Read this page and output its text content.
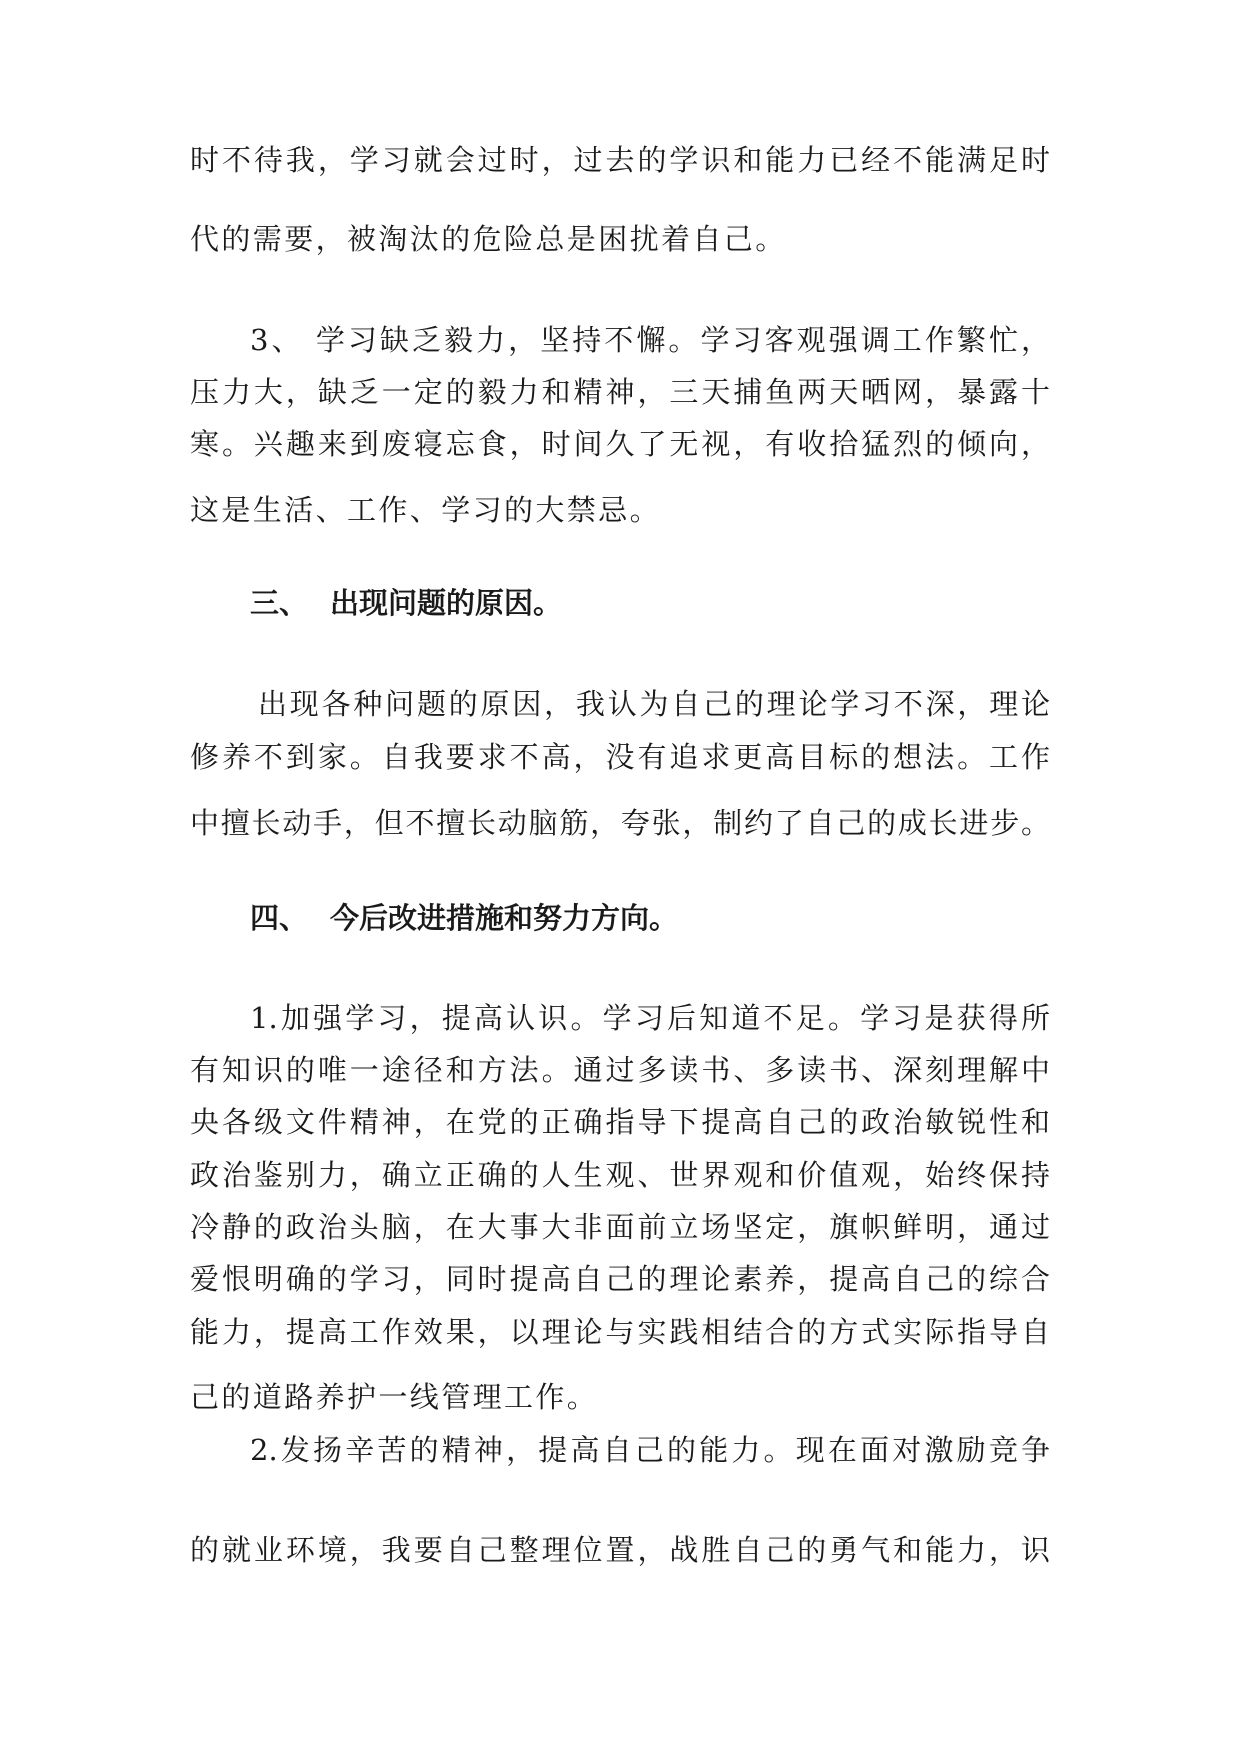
时不待我，学习就会过时，过去的学识和能力已经不能满足时
代的需要，被淘汰的危险总是困扰着自己。
3、 学习缺乏毅力，坚持不懈。学习客观强调工作繁忙，
压力大，缺乏一定的毅力和精神，三天捕鱼两天晒网，暴露十
寒。兴趣来到废寝忘食，时间久了无视，有收拾猛烈的倾向，
这是生活、工作、学习的大禁忌。
三、 出现问题的原因。
出现各种问题的原因，我认为自己的理论学习不深，理论
修养不到家。自我要求不高，没有追求更高目标的想法。工作
中擅长动手，但不擅长动脑筋，夸张，制约了自己的成长进步。
四、 今后改进措施和努力方向。
1.加强学习，提高认识。学习后知道不足。学习是获得所
有知识的唯一途径和方法。通过多读书、多读书、深刻理解中
央各级文件精神，在党的正确指导下提高自己的政治敏锐性和
政治鉴别力，确立正确的人生观、世界观和价值观，始终保持
冷静的政治头脑，在大事大非面前立场坚定，旗帜鲜明，通过
爱恨明确的学习，同时提高自己的理论素养，提高自己的综合
能力，提高工作效果，以理论与实践相结合的方式实际指导自
己的道路养护一线管理工作。
2.发扬辛苦的精神，提高自己的能力。现在面对激励竞争
的就业环境，我要自己整理位置，战胜自己的勇气和能力，识
